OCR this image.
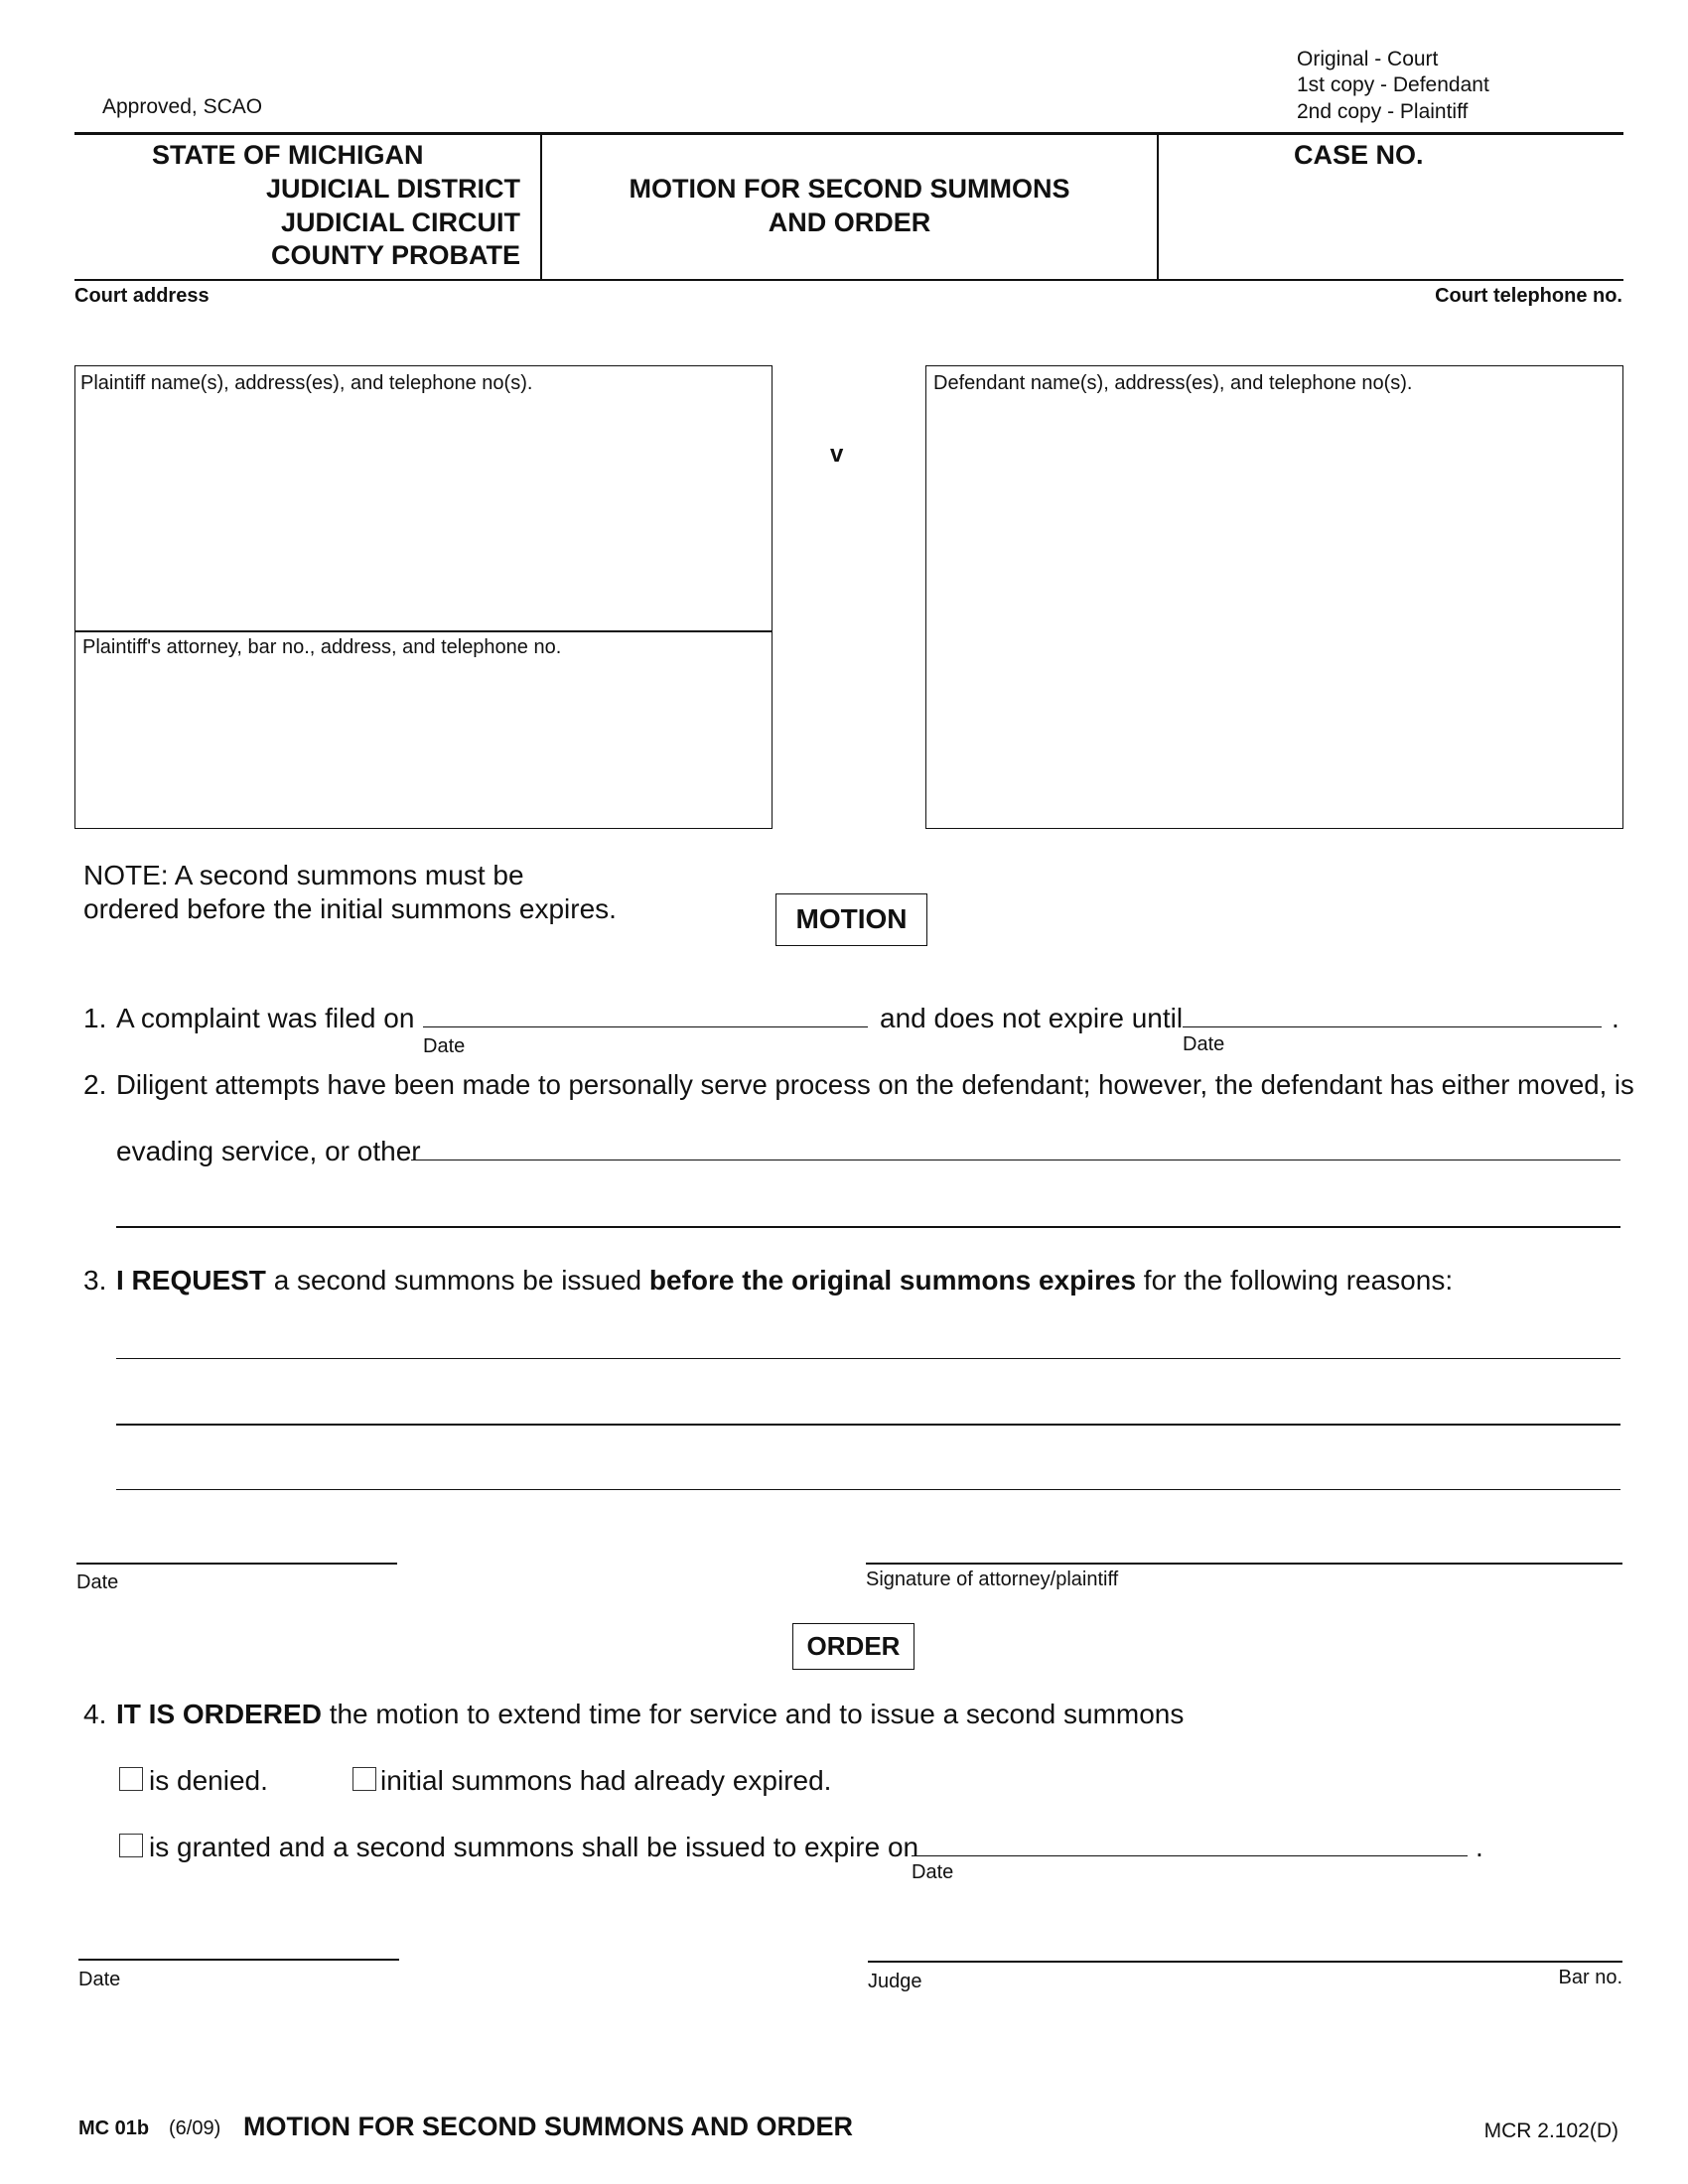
Approved, SCAO
Original - Court
1st copy - Defendant
2nd copy - Plaintiff
STATE OF MICHIGAN
JUDICIAL DISTRICT
JUDICIAL CIRCUIT
COUNTY PROBATE
MOTION FOR SECOND SUMMONS
AND ORDER
CASE NO.
Court address	Court telephone no.
Plaintiff name(s), address(es), and telephone no(s).
Plaintiff's attorney, bar no., address, and telephone no.
v
Defendant name(s), address(es), and telephone no(s).
NOTE: A second summons must be
ordered before the initial summons expires.	MOTION
1. A complaint was filed on
Date
and does not expire until
Date
.
2. Diligent attempts have been made to personally serve process on the defendant; however, the defendant has either moved, is
evading service, or other
3. I REQUEST a second summons be issued before the original summons expires for the following reasons:
Date	Signature of attorney/plaintiff
ORDER
4. IT IS ORDERED the motion to extend time for service and to issue a second summons
is denied.	initial summons had already expired.
is granted and a second summons shall be issued to expire on
Date
.
Date	Judge	Bar no.
MC 01b (6/09) MOTION FOR SECOND SUMMONS AND ORDER	MCR 2.102(D)
